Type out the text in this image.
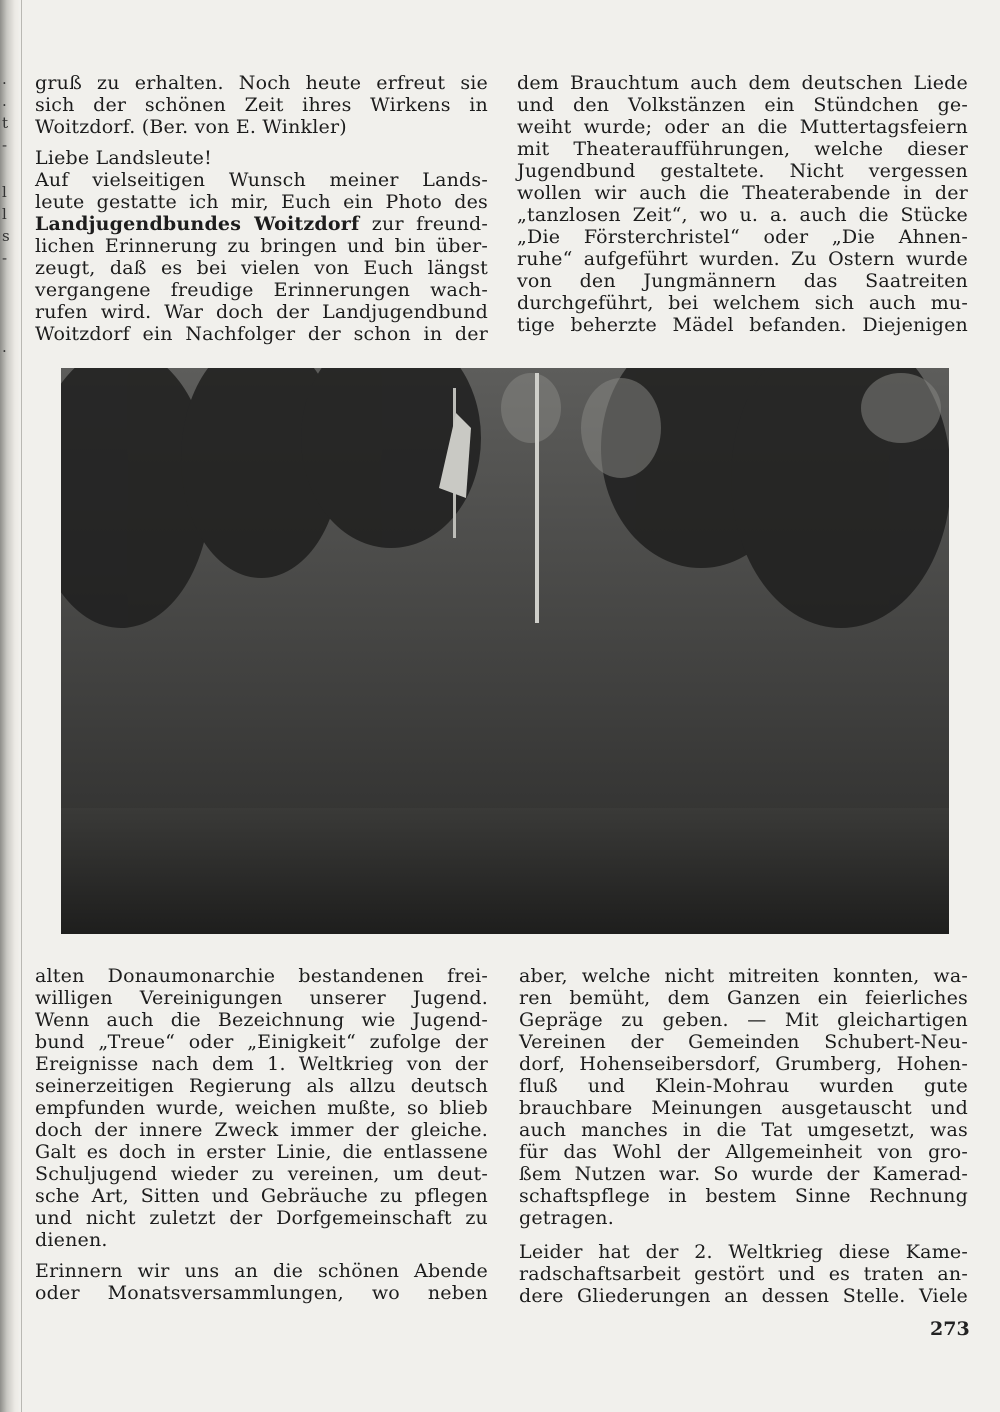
.
.
t
-
l
l
s
-
.

gruß zu erhalten. Noch heute erfreut sie

sich der schönen Zeit ihres Wirkens in

Woitzdorf. (Ber. von E. Winkler)

Liebe Landsleute!

Auf vielseitigen Wunsch meiner Lands-

leute gestatte ich mir, Euch ein Photo des

Landjugendbundes Woitzdorf zur freund-

lichen Erinnerung zu bringen und bin über-

zeugt, daß es bei vielen von Euch längst

vergangene freudige Erinnerungen wach-

rufen wird. War doch der Landjugendbund

Woitzdorf ein Nachfolger der schon in der

dem Brauchtum auch dem deutschen Liede

und den Volkstänzen ein Stündchen ge-

weiht wurde; oder an die Muttertagsfeiern

mit Theateraufführungen, welche dieser

Jugendbund gestaltete. Nicht vergessen

wollen wir auch die Theaterabende in der

„tanzlosen Zeit“, wo u. a. auch die Stücke

„Die Försterchristel“ oder „Die Ahnen-

ruhe“ aufgeführt wurden. Zu Ostern wurde

von den Jungmännern das Saatreiten

durchgeführt, bei welchem sich auch mu-

tige beherzte Mädel befanden. Diejenigen

alten Donaumonarchie bestandenen frei-

willigen Vereinigungen unserer Jugend.

Wenn auch die Bezeichnung wie Jugend-

bund „Treue“ oder „Einigkeit“ zufolge der

Ereignisse nach dem 1. Weltkrieg von der

seinerzeitigen Regierung als allzu deutsch

empfunden wurde, weichen mußte, so blieb

doch der innere Zweck immer der gleiche.

Galt es doch in erster Linie, die entlassene

Schuljugend wieder zu vereinen, um deut-

sche Art, Sitten und Gebräuche zu pflegen

und nicht zuletzt der Dorfgemeinschaft zu

dienen.

Erinnern wir uns an die schönen Abende

oder Monatsversammlungen, wo neben

aber, welche nicht mitreiten konnten, wa-

ren bemüht, dem Ganzen ein feierliches

Gepräge zu geben. — Mit gleichartigen

Vereinen der Gemeinden Schubert-Neu-

dorf, Hohenseibersdorf, Grumberg, Hohen-

fluß und Klein-Mohrau wurden gute

brauchbare Meinungen ausgetauscht und

auch manches in die Tat umgesetzt, was

für das Wohl der Allgemeinheit von gro-

ßem Nutzen war. So wurde der Kamerad-

schaftspflege in bestem Sinne Rechnung

getragen.

Leider hat der 2. Weltkrieg diese Kame-

radschaftsarbeit gestört und es traten an-

dere Gliederungen an dessen Stelle. Viele

273
